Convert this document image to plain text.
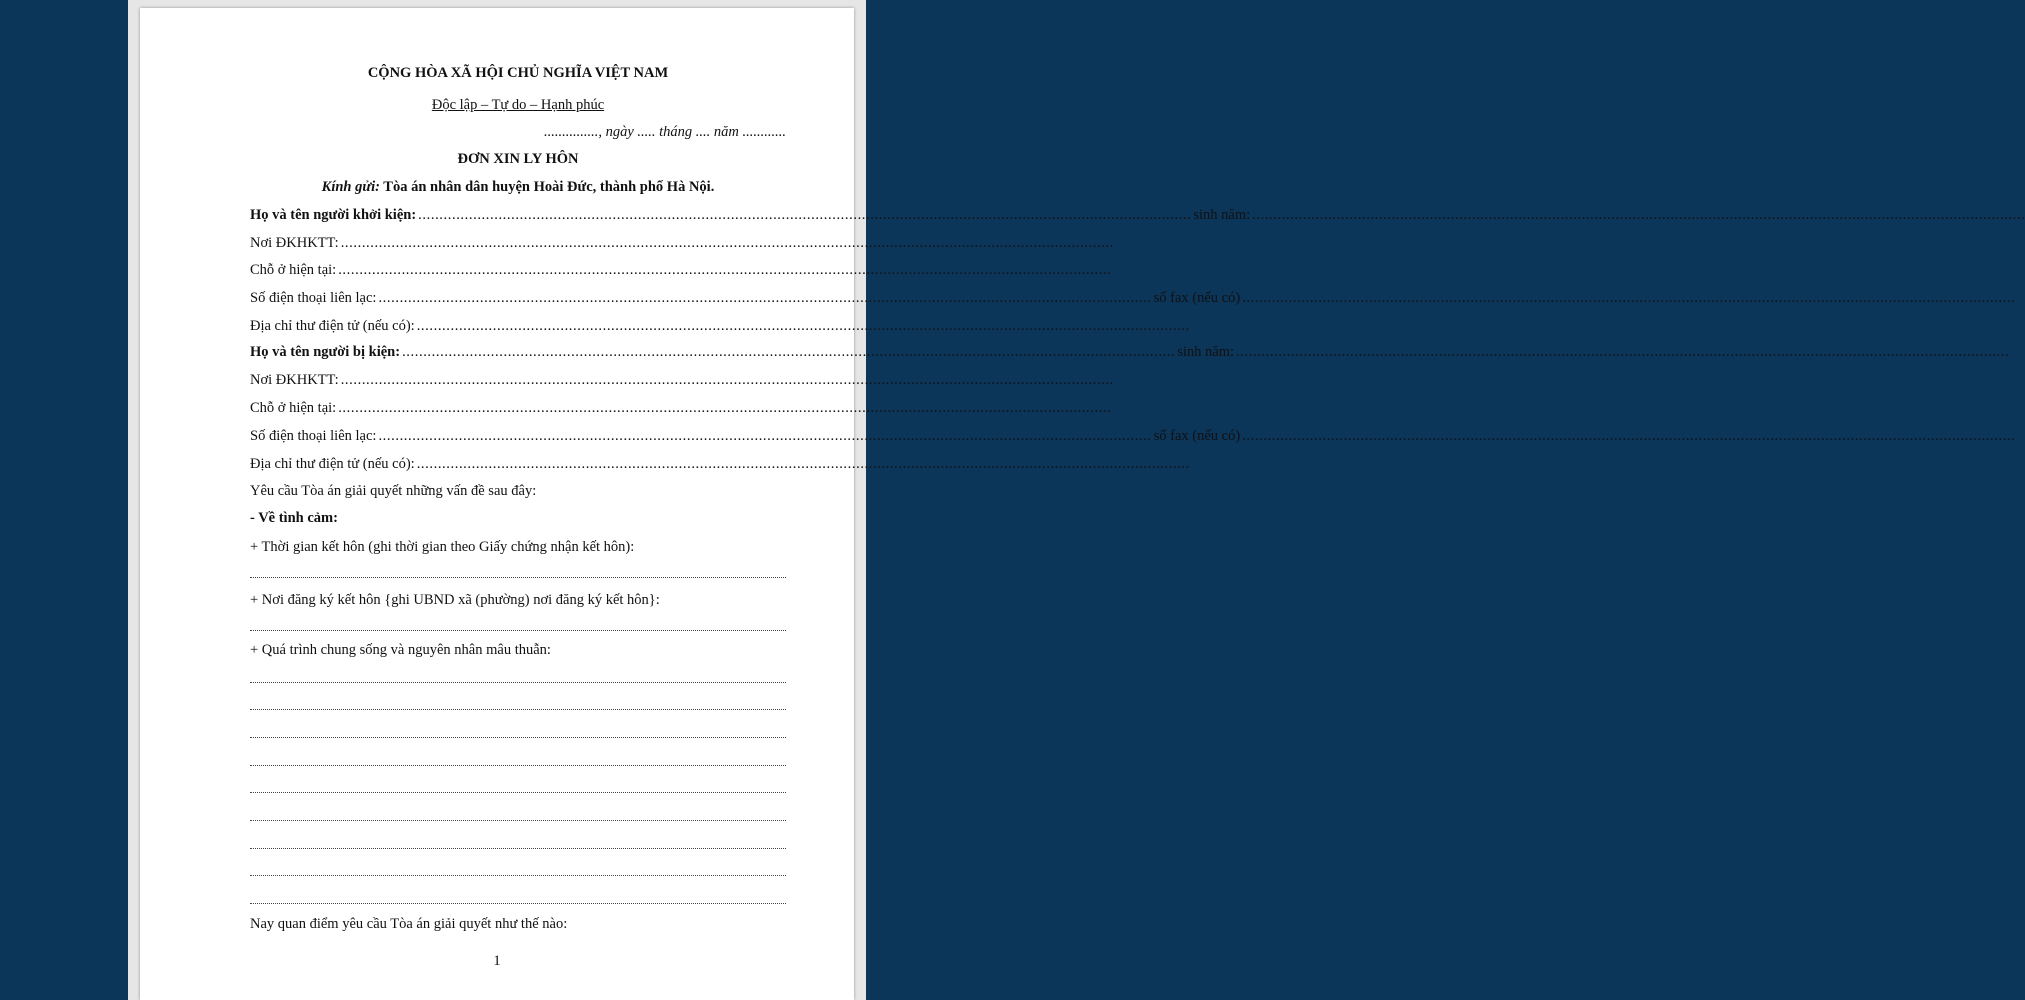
CỘNG HÒA XÃ HỘI CHỦ NGHĨA VIỆT NAM
Độc lập – Tự do – Hạnh phúc
..............., ngày ..... tháng .... năm ............
ĐƠN XIN LY HÔN
Kính gửi: Tòa án nhân dân huyện Hoài Đức, thành phố Hà Nội.
Họ và tên người khởi kiện: ....................................................................................................................................................................................... sinh năm: .......................................................................................................................................................................................
Nơi ĐKHKTT: .......................................................................................................................................................................................
Chỗ ở hiện tại: .......................................................................................................................................................................................
Số điện thoại liên lạc: ....................................................................................................................................................................................... số fax (nếu có) .......................................................................................................................................................................................
Địa chỉ thư điện tử (nếu có): .......................................................................................................................................................................................
Họ và tên người bị kiện: ....................................................................................................................................................................................... sinh năm: .......................................................................................................................................................................................
Nơi ĐKHKTT: .......................................................................................................................................................................................
Chỗ ở hiện tại: .......................................................................................................................................................................................
Số điện thoại liên lạc: ....................................................................................................................................................................................... số fax (nếu có) .......................................................................................................................................................................................
Địa chỉ thư điện tử (nếu có): .......................................................................................................................................................................................
Yêu cầu Tòa án giải quyết những vấn đề sau đây:
- Về tình cảm:
+ Thời gian kết hôn (ghi thời gian theo Giấy chứng nhận kết hôn):
+ Nơi đăng ký kết hôn {ghi UBND xã (phường) nơi đăng ký kết hôn}:
+ Quá trình chung sống và nguyên nhân mâu thuẫn:
Nay quan điểm yêu cầu Tòa án giải quyết như thế nào:
1
